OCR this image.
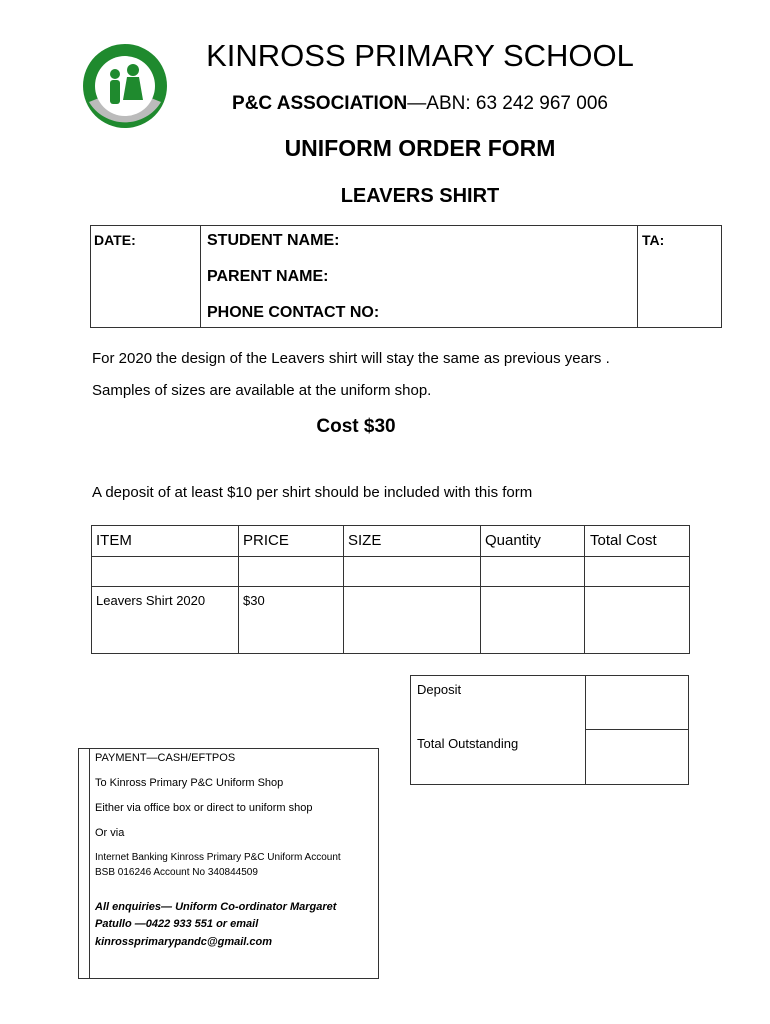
KINROSS PRIMARY SCHOOL
P&C ASSOCIATION—ABN: 63 242 967 006
UNIFORM ORDER FORM
LEAVERS SHIRT
DATE:	STUDENT NAME:
PARENT NAME:
PHONE CONTACT NO:
TA:
For 2020 the design of the Leavers shirt will stay the same as previous years .
Samples of sizes are available at the uniform shop.
Cost $30
A deposit of at least $10 per shirt should be included with this form
ITEM	PRICE	SIZE	Quantity	Total Cost
Leavers Shirt 2020	$30
Deposit
Total Outstanding
PAYMENT—CASH/EFTPOS
To Kinross Primary P&C Uniform Shop
Either via office box or direct to uniform shop
Or via
Internet Banking Kinross Primary P&C Uniform Account
BSB 016246 Account No 340844509
All enquiries— Uniform Co-ordinator Margaret
Patullo —0422 933 551 or email
kinrossprimarypandc@gmail.com
